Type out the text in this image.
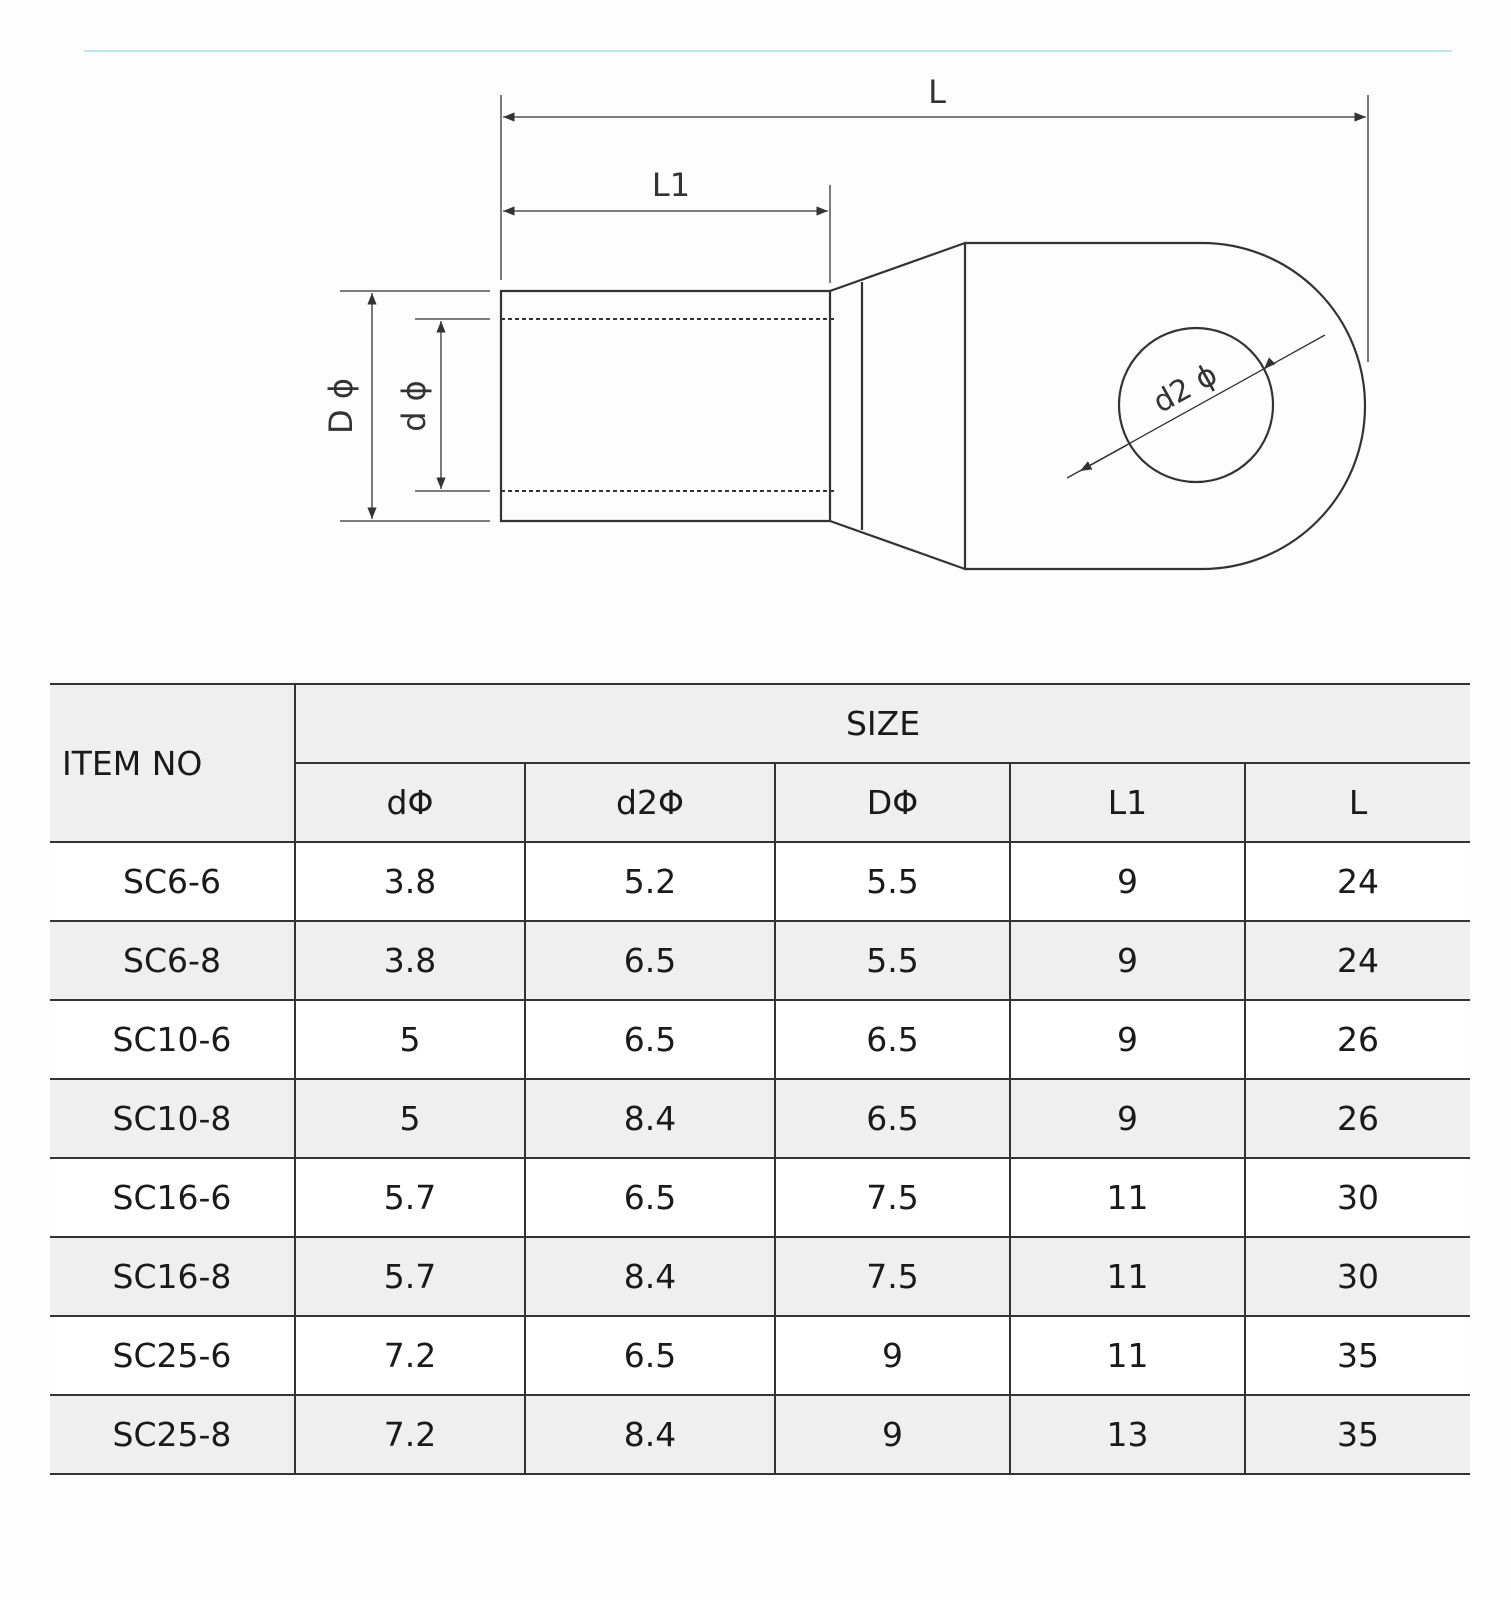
L
L1
D ϕ d ϕ	d2 ϕ
ITEM NO	SIZE				
	dΦ	d2Φ	DΦ	L1	L
SC6-6	3.8	5.2	5.5	9	24
SC6-8	3.8	6.5	5.5	9	24
SC10-6	5	6.5	6.5	9	26
SC10-8	5	8.4	6.5	9	26
SC16-6	5.7	6.5	7.5	11	30
SC16-8	5.7	8.4	7.5	11	30
SC25-6	7.2	6.5	9	11	35
SC25-8	7.2	8.4	9	13	35
